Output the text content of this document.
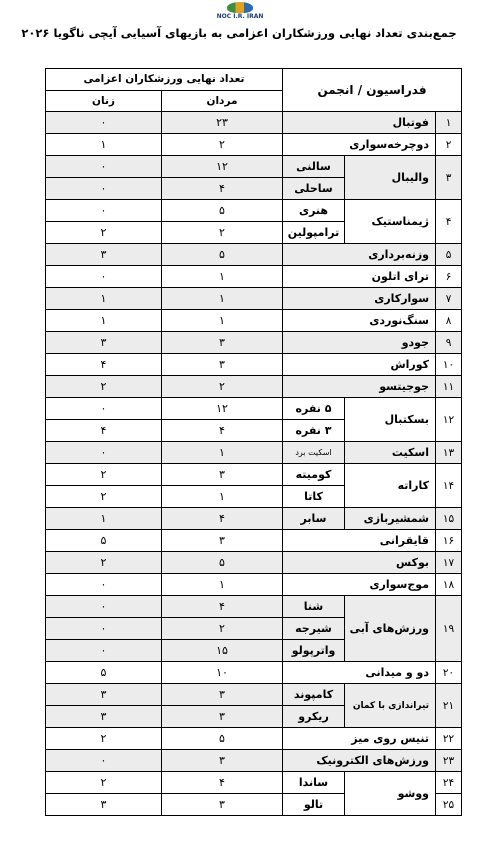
NOC I.R. IRAN
جمع‌بندی تعداد نهایی ورزشکاران اعزامی به بازیهای آسیایی آیچی ناگویا ۲۰۲۶
فدراسیون / انجمن			تعداد نهایی ورزشکاران اعزامی	
			مردان	زنان
۱	فوتبال		۲۳	۰
۲	دوچرخه‌سواری		۲	۱
۳	والیبال	سالنی	۱۲	۰
		ساحلی	۴	۰
۴	ژیمناستیک	هنری	۵	۰
		ترامپولین	۲	۲
۵	وزنه‌برداری		۵	۳
۶	ترای اتلون		۱	۰
۷	سوارکاری		۱	۱
۸	سنگ‌نوردی		۱	۱
۹	جودو		۳	۳
۱۰	کوراش		۳	۴
۱۱	جوجیتسو		۲	۲
۱۲	بسکتبال	۵ نفره	۱۲	۰
		۳ نفره	۴	۴
۱۳	اسکیت	اسکیت برد	۱	۰
۱۴	کاراته	کومیته	۳	۲
		کاتا	۱	۲
۱۵	شمشیربازی	سابر	۴	۱
۱۶	قایقرانی		۳	۵
۱۷	بوکس		۵	۲
۱۸	موج‌سواری		۱	۰
۱۹	ورزش‌های آبی	شنا	۴	۰
		شیرجه	۲	۰
		واترپولو	۱۵	۰
۲۰	دو و میدانی		۱۰	۵
۲۱	تیراندازی با کمان	کامپوند	۳	۳
		ریکرو	۳	۳
۲۲	تنیس روی میز		۵	۲
۲۳	ورزش‌های الکترونیک		۳	۰
۲۴	ووشو	ساندا	۴	۲
۲۵		تالو	۳	۳
